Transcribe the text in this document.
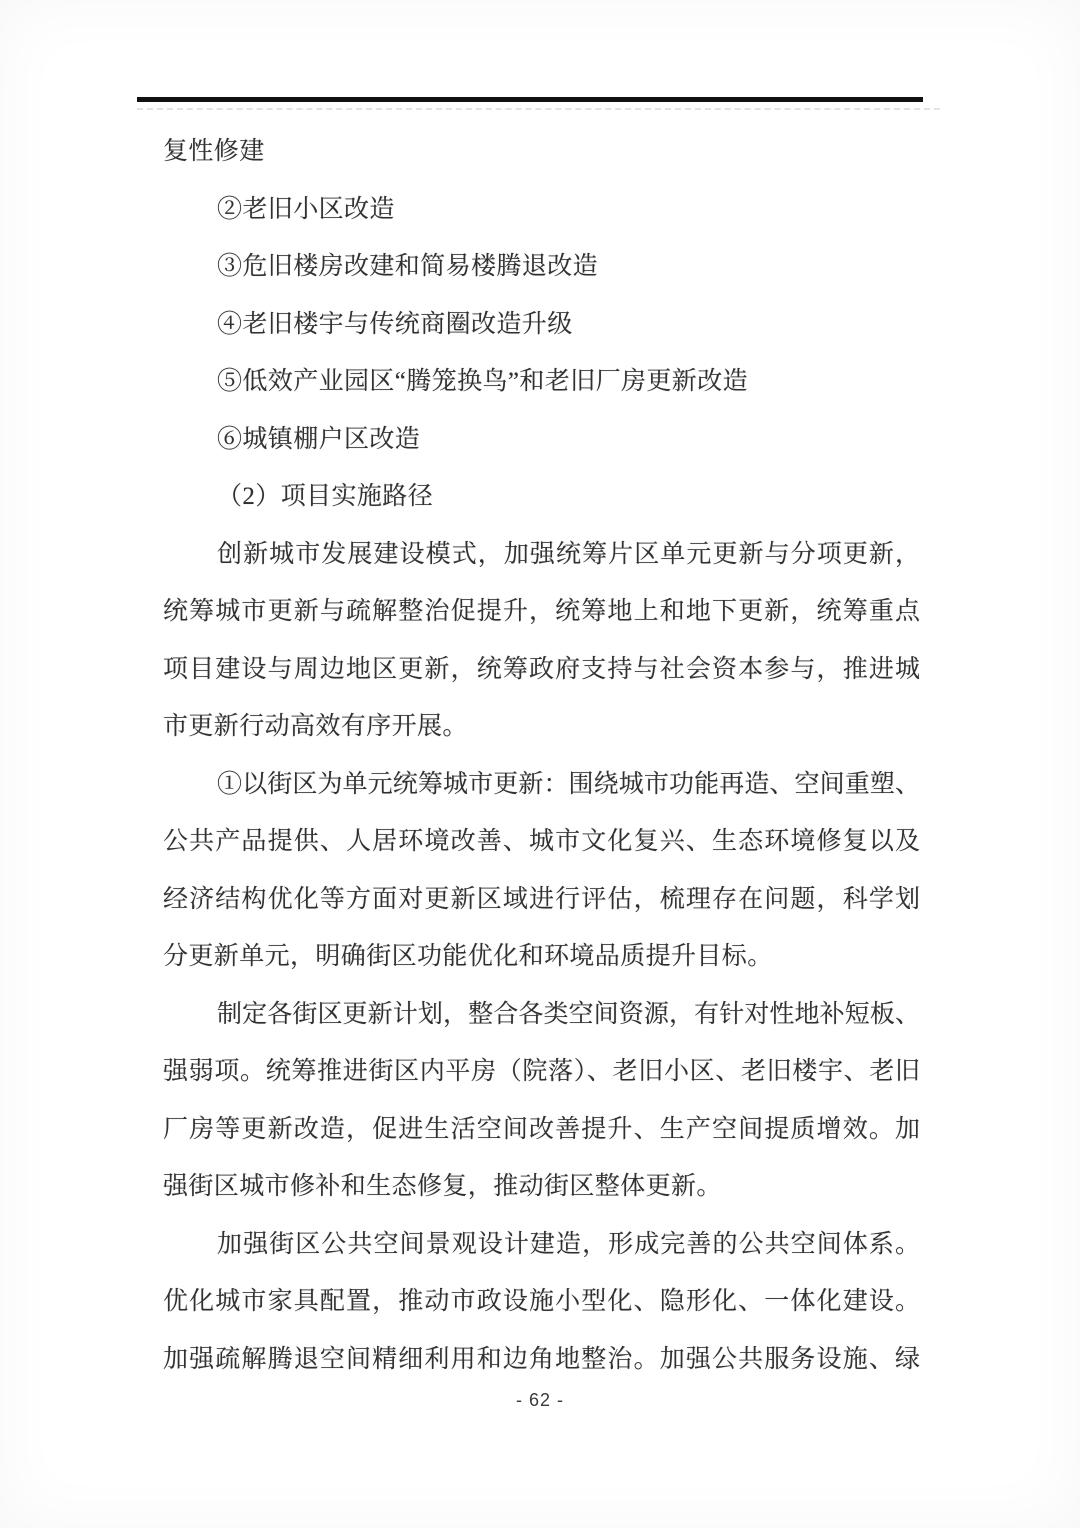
复性修建
②老旧小区改造
③危旧楼房改建和简易楼腾退改造
④老旧楼宇与传统商圈改造升级
⑤低效产业园区“腾笼换鸟”和老旧厂房更新改造
⑥城镇棚户区改造
（2）项目实施路径
创新城市发展建设模式，加强统筹片区单元更新与分项更新，
统筹城市更新与疏解整治促提升，统筹地上和地下更新，统筹重点
项目建设与周边地区更新，统筹政府支持与社会资本参与，推进城
市更新行动高效有序开展。
①以街区为单元统筹城市更新：围绕城市功能再造、空间重塑、
公共产品提供、人居环境改善、城市文化复兴、生态环境修复以及
经济结构优化等方面对更新区域进行评估，梳理存在问题，科学划
分更新单元，明确街区功能优化和环境品质提升目标。
制定各街区更新计划，整合各类空间资源，有针对性地补短板、
强弱项。统筹推进街区内平房（院落）、老旧小区、老旧楼宇、老旧
厂房等更新改造，促进生活空间改善提升、生产空间提质增效。加
强街区城市修补和生态修复，推动街区整体更新。
加强街区公共空间景观设计建造，形成完善的公共空间体系。
优化城市家具配置，推动市政设施小型化、隐形化、一体化建设。
加强疏解腾退空间精细利用和边角地整治。加强公共服务设施、绿
- 62 -
